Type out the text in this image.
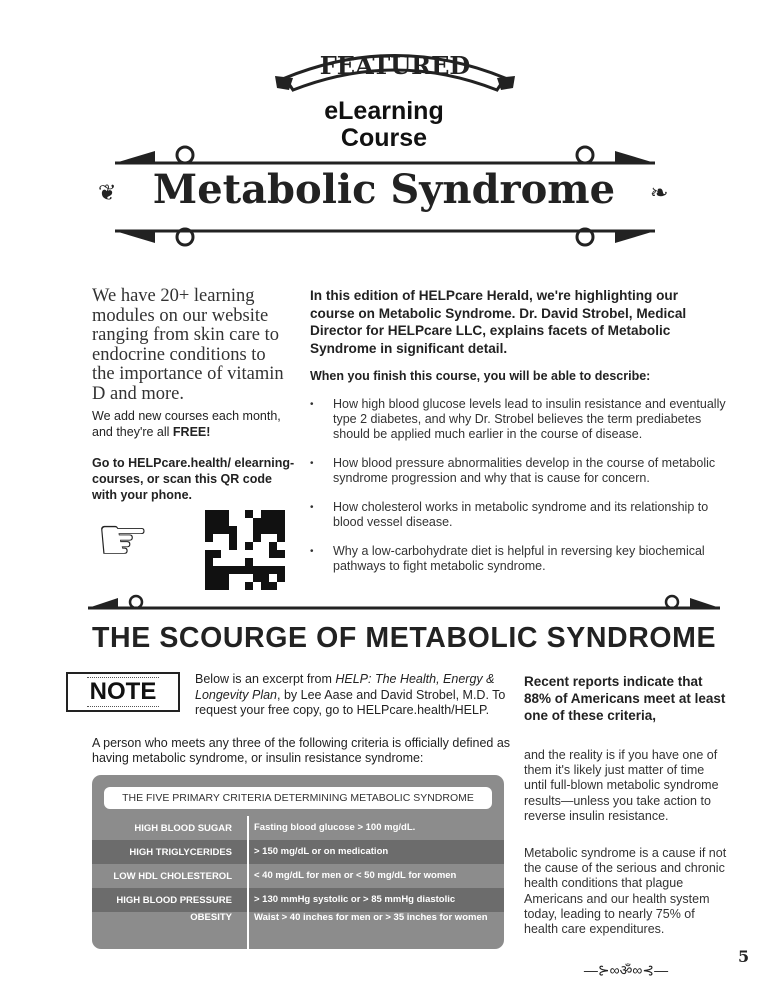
FEATURED
eLearning
Course
❦	❧
Metabolic Syndrome
We have 20+ learning modules on our website ranging from skin care to endocrine conditions to the importance of vitamin D and more.
We add new courses each month, and they're all FREE!
Go to HELPcare.health/ elearning-courses, or scan this QR code with your phone.
☜
In this edition of HELPcare Herald, we're highlighting our course on Metabolic Syndrome. Dr. David Strobel, Medical Director for HELPcare LLC, explains facets of Metabolic Syndrome in significant detail.
When you finish this course, you will be able to describe:
• How high blood glucose levels lead to insulin resistance and eventually type 2 diabetes, and why Dr. Strobel believes the term prediabetes should be applied much earlier in the course of disease.
• How blood pressure abnormalities develop in the course of metabolic syndrome progression and why that is cause for concern.
• How cholesterol works in metabolic syndrome and its relationship to blood vessel disease.
• Why a low-carbohydrate diet is helpful in reversing key biochemical pathways to fight metabolic syndrome.
THE SCOURGE OF METABOLIC SYNDROME
NOTE	Below is an excerpt from HELP: The Health, Energy & Longevity Plan, by Lee Aase and David Strobel, M.D. To request your free copy, go to HELPcare.health/HELP.
A person who meets any three of the following criteria is officially defined as having metabolic syndrome, or insulin resistance syndrome:
THE FIVE PRIMARY CRITERIA DETERMINING METABOLIC SYNDROME
HIGH BLOOD SUGAR	Fasting blood glucose > 100 mg/dL.
HIGH TRIGLYCERIDES	> 150 mg/dL or on medication
LOW HDL CHOLESTEROL	< 40 mg/dL for men or < 50 mg/dL for women
HIGH BLOOD PRESSURE	> 130 mmHg systolic or > 85 mmHg diastolic
OBESITY	Waist > 40 inches for men or > 35 inches for women
Recent reports indicate that 88% of Americans meet at least one of these criteria,
and the reality is if you have one of them it's likely just matter of time until full-blown metabolic syndrome results—unless you take action to reverse insulin resistance.
Metabolic syndrome is a cause if not the cause of the serious and chronic health conditions that plague Americans and our health system today, leading to nearly 75% of health care expenditures.
—⊱∞ॐ∞⊰—
5
